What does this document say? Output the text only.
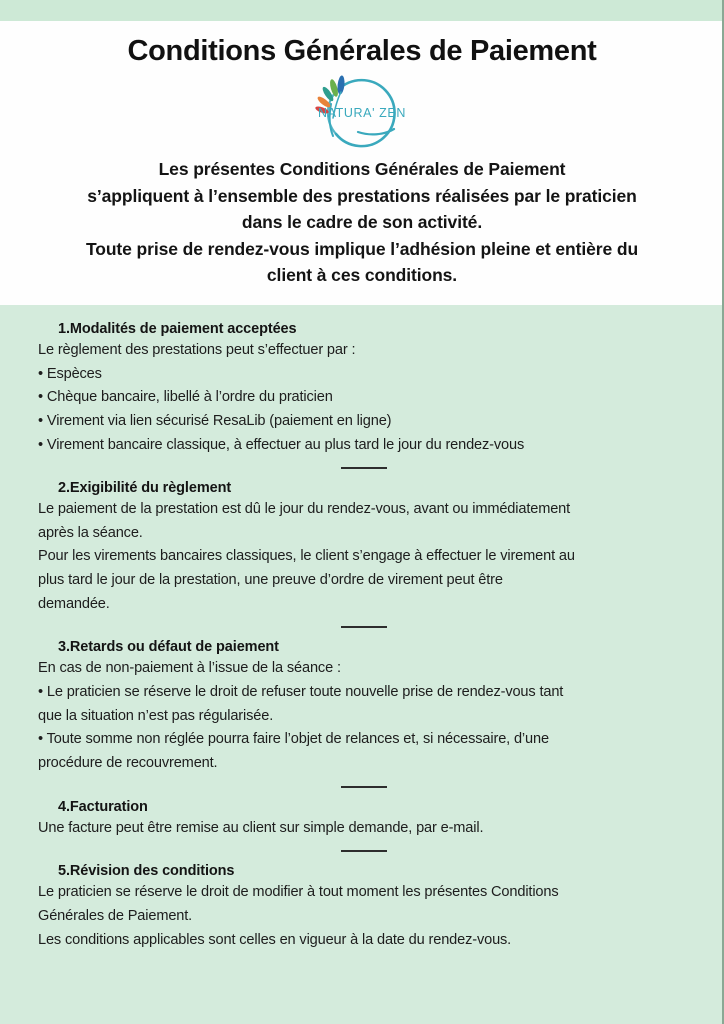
Conditions Générales de Paiement
NATURA' ZEN

Les présentes Conditions Générales de Paiement

s’appliquent à l’ensemble des prestations réalisées par le praticien

dans le cadre de son activité.

Toute prise de rendez-vous implique l’adhésion pleine et entière du

client à ces conditions.

1.Modalités de paiement acceptées
Le règlement des prestations peut s’effectuer par :
• Espèces
• Chèque bancaire, libellé à l’ordre du praticien
• Virement via lien sécurisé ResaLib (paiement en ligne)
• Virement bancaire classique, à effectuer au plus tard le jour du rendez-vous
2.Exigibilité du règlement
Le paiement de la prestation est dû le jour du rendez-vous, avant ou immédiatement
après la séance.
Pour les virements bancaires classiques, le client s’engage à effectuer le virement au
plus tard le jour de la prestation, une preuve d’ordre de virement peut être
demandée.
3.Retards ou défaut de paiement
En cas de non-paiement à l’issue de la séance :
• Le praticien se réserve le droit de refuser toute nouvelle prise de rendez-vous tant
que la situation n’est pas régularisée.
• Toute somme non réglée pourra faire l’objet de relances et, si nécessaire, d’une
procédure de recouvrement.
4.Facturation
Une facture peut être remise au client sur simple demande, par e-mail.
5.Révision des conditions
Le praticien se réserve le droit de modifier à tout moment les présentes Conditions
Générales de Paiement.
Les conditions applicables sont celles en vigueur à la date du rendez-vous.
